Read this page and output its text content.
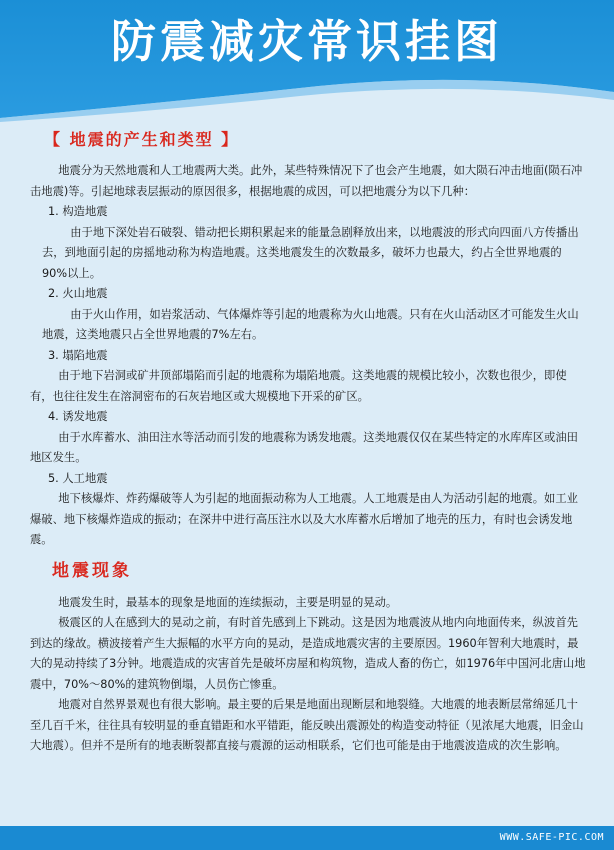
防震减灾常识挂图
【 地震的产生和类型 】

地震分为天然地震和人工地震两大类。此外，某些特殊情况下了也会产生地震，如大陨石冲击地面(陨石冲击地震)等。引起地球表层振动的原因很多，根据地震的成因，可以把地震分为以下几种：

1. 构造地震

由于地下深处岩石破裂、错动把长期积累起来的能量急剧释放出来，以地震波的形式向四面八方传播出去，到地面引起的房摇地动称为构造地震。这类地震发生的次数最多，破坏力也最大，约占全世界地震的90%以上。

2. 火山地震

由于火山作用，如岩浆活动、气体爆炸等引起的地震称为火山地震。只有在火山活动区才可能发生火山地震，这类地震只占全世界地震的7%左右。

3. 塌陷地震

由于地下岩洞或矿井顶部塌陷而引起的地震称为塌陷地震。这类地震的规模比较小，次数也很少，即使有，也往往发生在溶洞密布的石灰岩地区或大规模地下开采的矿区。

4. 诱发地震

由于水库蓄水、油田注水等活动而引发的地震称为诱发地震。这类地震仅仅在某些特定的水库库区或油田地区发生。

5. 人工地震

地下核爆炸、炸药爆破等人为引起的地面振动称为人工地震。人工地震是由人为活动引起的地震。如工业爆破、地下核爆炸造成的振动；在深井中进行高压注水以及大水库蓄水后增加了地壳的压力，有时也会诱发地震。

地震现象

地震发生时，最基本的现象是地面的连续振动，主要是明显的晃动。

极震区的人在感到大的晃动之前，有时首先感到上下跳动。这是因为地震波从地内向地面传来，纵波首先到达的缘故。横波接着产生大振幅的水平方向的晃动，是造成地震灾害的主要原因。1960年智利大地震时，最大的晃动持续了3分钟。地震造成的灾害首先是破坏房屋和构筑物，造成人畜的伤亡，如1976年中国河北唐山地震中，70%～80%的建筑物倒塌，人员伤亡惨重。

地震对自然界景观也有很大影响。最主要的后果是地面出现断层和地裂缝。大地震的地表断层常绵延几十至几百千米，往往具有较明显的垂直错距和水平错距，能反映出震源处的构造变动特征（见浓尾大地震，旧金山大地震）。但并不是所有的地表断裂都直接与震源的运动相联系，它们也可能是由于地震波造成的次生影响。

WWW.SAFE-PIC.COM
